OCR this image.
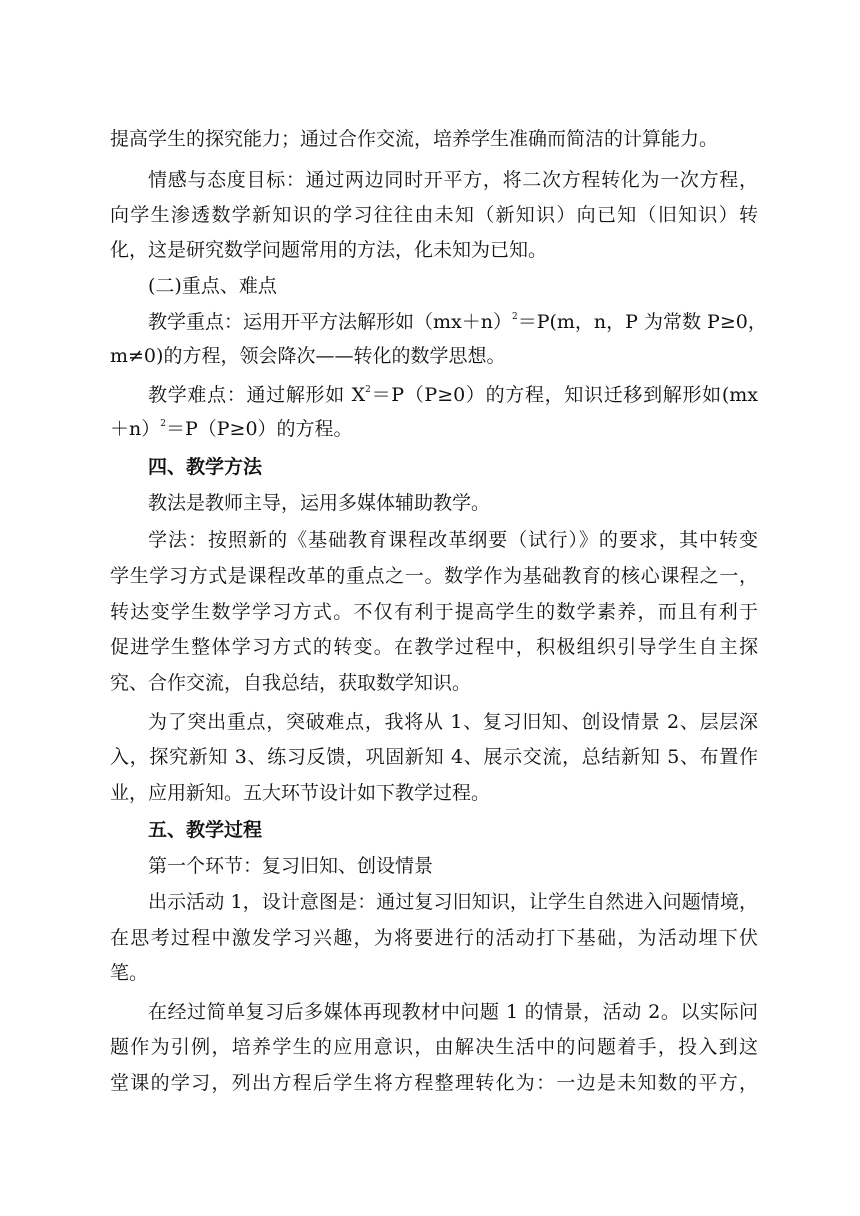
提高学生的探究能力；通过合作交流，培养学生准确而简洁的计算能力。
情感与态度目标：通过两边同时开平方，将二次方程转化为一次方程，
向学生渗透数学新知识的学习往往由未知（新知识）向已知（旧知识）转
化，这是研究数学问题常用的方法，化未知为已知。
(二)重点、难点
教学重点：运用开平方法解形如$(mx+n)^2=P(m$，n，P 为常数 P≥0，
m≠0)的方程，领会降次——转化的数学思想。
教学难点：通过解形如 $X^2=P(P\ge 0)$的方程，知识迁移到解形如(mx
＋n）$^2$＝P（P≥0）的方程。
四、教学方法
教法是教师主导，运用多媒体辅助教学。
学法：按照新的《基础教育课程改革纲要（试行）》的要求，其中转变
学生学习方式是课程改革的重点之一。数学作为基础教育的核心课程之一，
转达变学生数学学习方式。不仅有利于提高学生的数学素养，而且有利于
促进学生整体学习方式的转变。在教学过程中，积极组织引导学生自主探
究、合作交流，自我总结，获取数学知识。
为了突出重点，突破难点，我将从 1、复习旧知、创设情景 2、层层深
入，探究新知 3、练习反馈，巩固新知 4、展示交流，总结新知 5、布置作
业，应用新知。五大环节设计如下教学过程。
五、教学过程
第一个环节：复习旧知、创设情景
出示活动 1，设计意图是：通过复习旧知识，让学生自然进入问题情境，
在思考过程中激发学习兴趣，为将要进行的活动打下基础，为活动埋下伏
笔。
在经过简单复习后多媒体再现教材中问题 1 的情景，活动 2。以实际问
题作为引例，培养学生的应用意识，由解决生活中的问题着手，投入到这
堂课的学习，列出方程后学生将方程整理转化为：一边是未知数的平方，
